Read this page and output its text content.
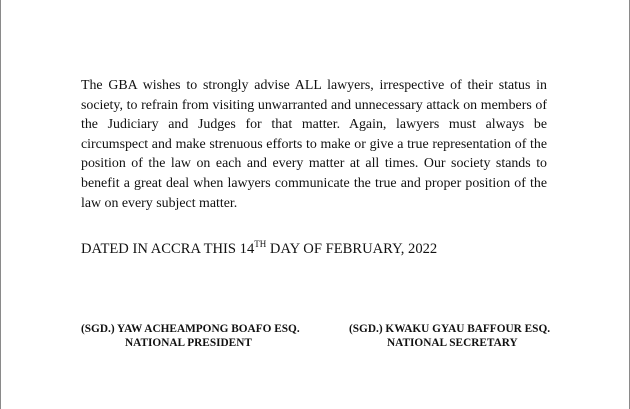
The GBA wishes to strongly advise ALL lawyers, irrespective of their status in society, to refrain from visiting unwarranted and unnecessary attack on members of the Judiciary and Judges for that matter. Again, lawyers must always be circumspect and make strenuous efforts to make or give a true representation of the position of the law on each and every matter at all times. Our society stands to benefit a great deal when lawyers communicate the true and proper position of the law on every subject matter.

DATED IN ACCRA THIS 14TH DAY OF FEBRUARY, 2022

(SGD.) YAW ACHEAMPONG BOAFO ESQ.
NATIONAL PRESIDENT
(SGD.) KWAKU GYAU BAFFOUR ESQ.
NATIONAL SECRETARY
